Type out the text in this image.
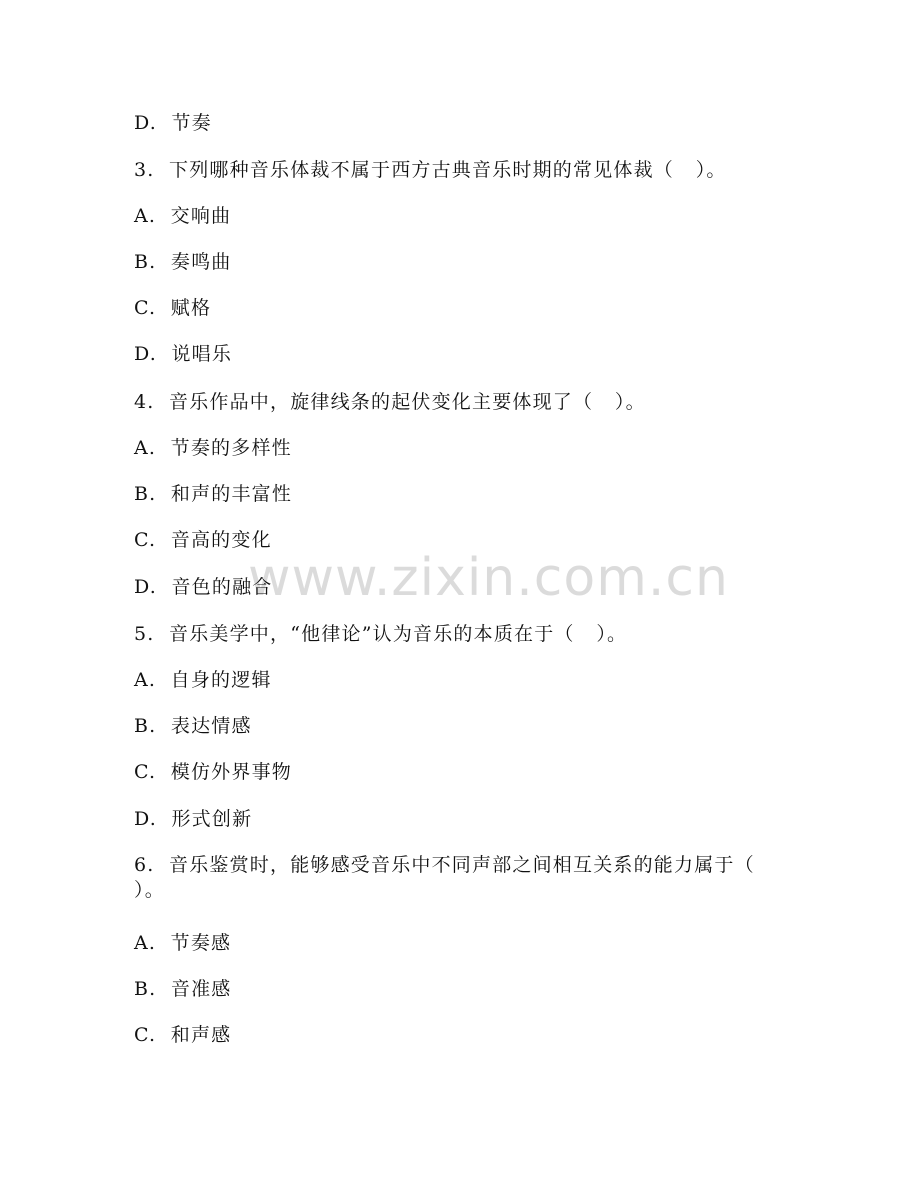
www.zixin.com.cn
D.  节奏
3.  下列哪种音乐体裁不属于西方古典音乐时期的常见体裁（   ）。
A.  交响曲
B.  奏鸣曲
C.  赋格
D.  说唱乐
4.  音乐作品中，旋律线条的起伏变化主要体现了（   ）。
A.  节奏的多样性
B.  和声的丰富性
C.  音高的变化
D.  音色的融合
5.  音乐美学中，“他律论”认为音乐的本质在于（   ）。
A.  自身的逻辑
B.  表达情感
C.  模仿外界事物
D.  形式创新
6.  音乐鉴赏时，能够感受音乐中不同声部之间相互关系的能力属于（
）。
A.  节奏感
B.  音准感
C.  和声感
